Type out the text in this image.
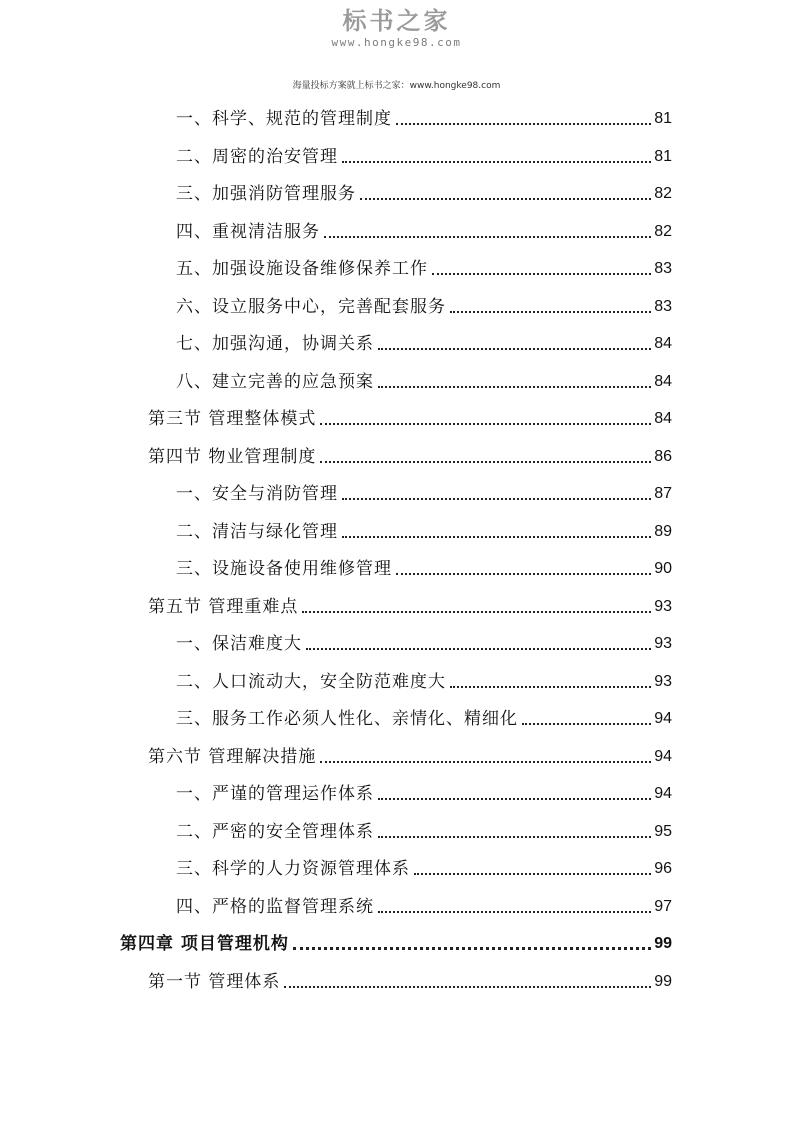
标书之家
www.hongke98.com
海量投标方案就上标书之家：www.hongke98.com
一、科学、规范的管理制度	81
二、周密的治安管理	81
三、加强消防管理服务	82
四、重视清洁服务	82
五、加强设施设备维修保养工作	83
六、设立服务中心，完善配套服务	83
七、加强沟通，协调关系	84
八、建立完善的应急预案	84
第三节 管理整体模式	84
第四节 物业管理制度	86
一、安全与消防管理	87
二、清洁与绿化管理	89
三、设施设备使用维修管理	90
第五节 管理重难点	93
一、保洁难度大	93
二、人口流动大，安全防范难度大	93
三、服务工作必须人性化、亲情化、精细化	94
第六节 管理解决措施	94
一、严谨的管理运作体系	94
二、严密的安全管理体系	95
三、科学的人力资源管理体系	96
四、严格的监督管理系统	97
第四章 项目管理机构	99
第一节 管理体系	99
